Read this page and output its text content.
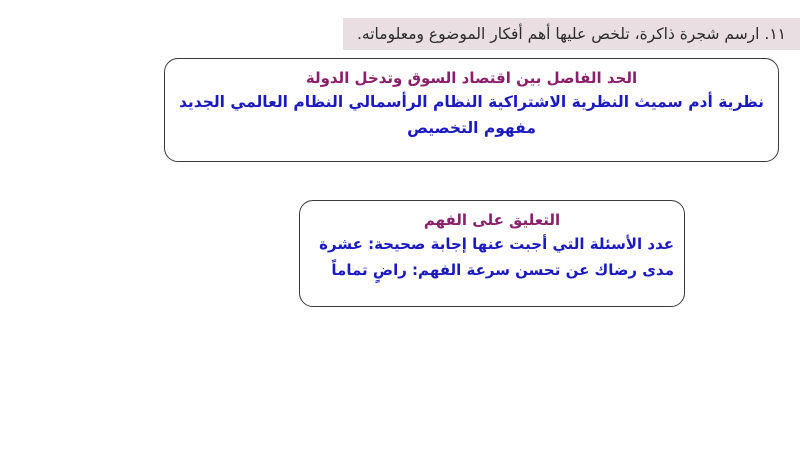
١١. ارسم شجرة ذاكرة، تلخص عليها أهم أفكار الموضوع ومعلوماته.
الحد الفاصل بين اقتصاد السوق وتدخل الدولة
نظرية أدم سميث النظرية الاشتراكية النظام الرأسمالي النظام العالمي الجديد مفهوم التخصيص
التعليق على الفهم
عدد الأسئلة التي أجبت عنها إجابة صحيحة: عشرة
مدى رضاك عن تحسن سرعة الفهم: راضٍ تماماً
